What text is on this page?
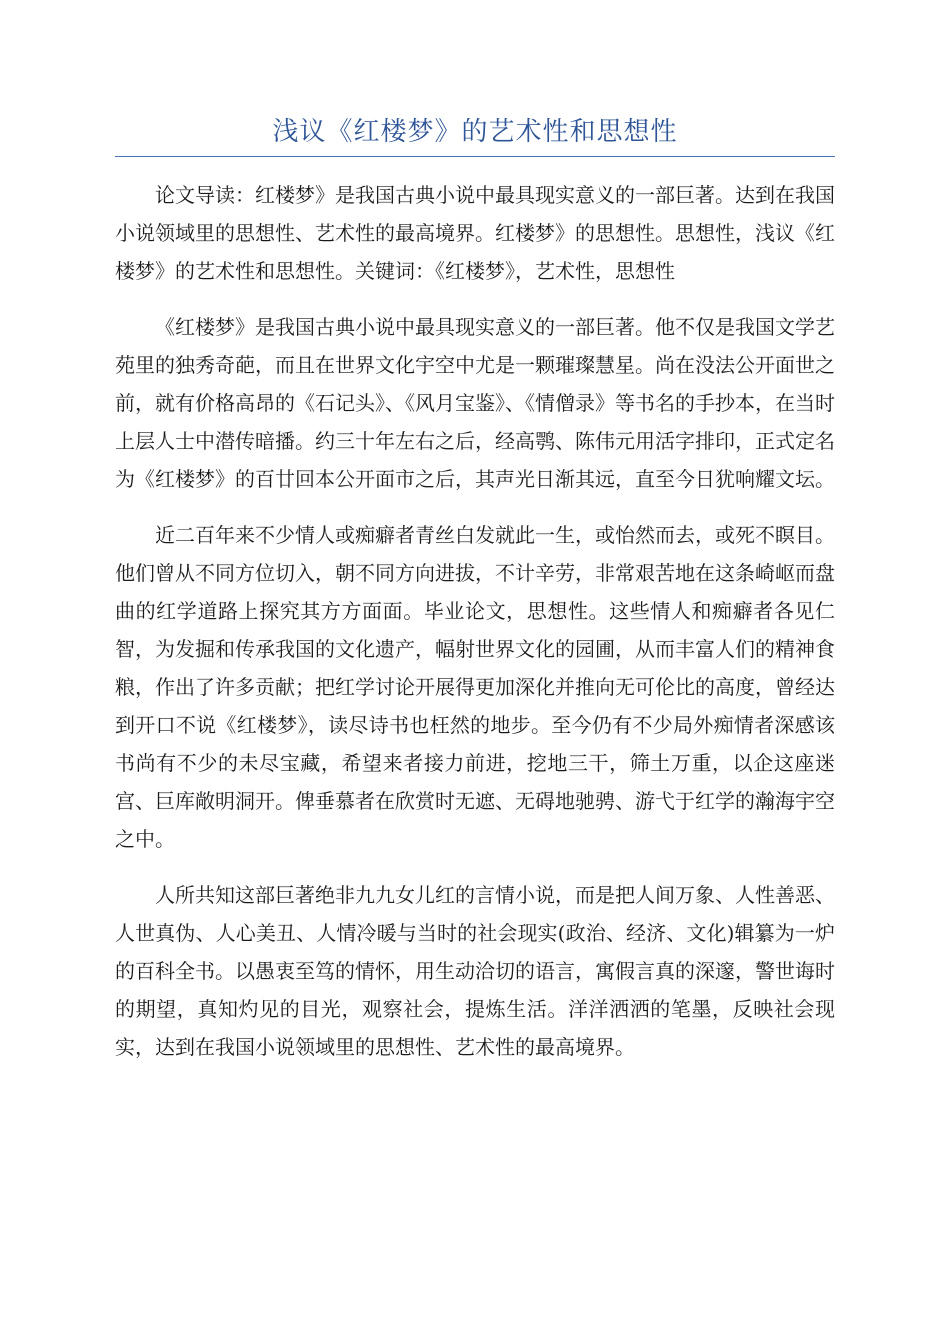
浅议《红楼梦》的艺术性和思想性

论文导读：红楼梦》是我国古典小说中最具现实意义的一部巨著。达到在我国小说领域里的思想性、艺术性的最高境界。红楼梦》的思想性。思想性，浅议《红楼梦》的艺术性和思想性。关键词：《红楼梦》，艺术性，思想性

《红楼梦》是我国古典小说中最具现实意义的一部巨著。他不仅是我国文学艺苑里的独秀奇葩，而且在世界文化宇空中尤是一颗璀璨慧星。尚在没法公开面世之前，就有价格高昂的《石记头》、《风月宝鉴》、《情僧录》等书名的手抄本，在当时上层人士中潜传暗播。约三十年左右之后，经高鹗、陈伟元用活字排印，正式定名为《红楼梦》的百廿回本公开面市之后，其声光日渐其远，直至今日犹响耀文坛。

近二百年来不少情人或痴癖者青丝白发就此一生，或怡然而去，或死不瞑目。他们曾从不同方位切入，朝不同方向进拔，不计辛劳，非常艰苦地在这条崎岖而盘曲的红学道路上探究其方方面面。毕业论文，思想性。这些情人和痴癖者各见仁智，为发掘和传承我国的文化遗产，幅射世界文化的园圃，从而丰富人们的精神食粮，作出了许多贡献；把红学讨论开展得更加深化并推向无可伦比的高度，曾经达到开口不说《红楼梦》，读尽诗书也枉然的地步。至今仍有不少局外痴情者深感该书尚有不少的未尽宝藏，希望来者接力前进，挖地三干，筛土万重，以企这座迷宫、巨库敞明洞开。俾垂慕者在欣赏时无遮、无碍地驰骋、游弋于红学的瀚海宇空之中。

人所共知这部巨著绝非九九女儿红的言情小说，而是把人间万象、人性善恶、人世真伪、人心美丑、人情冷暖与当时的社会现实(政治、经济、文化)辑纂为一炉的百科全书。以愚衷至笃的情怀，用生动洽切的语言，寓假言真的深邃，警世诲时的期望，真知灼见的目光，观察社会，提炼生活。洋洋洒洒的笔墨，反映社会现实，达到在我国小说领域里的思想性、艺术性的最高境界。
